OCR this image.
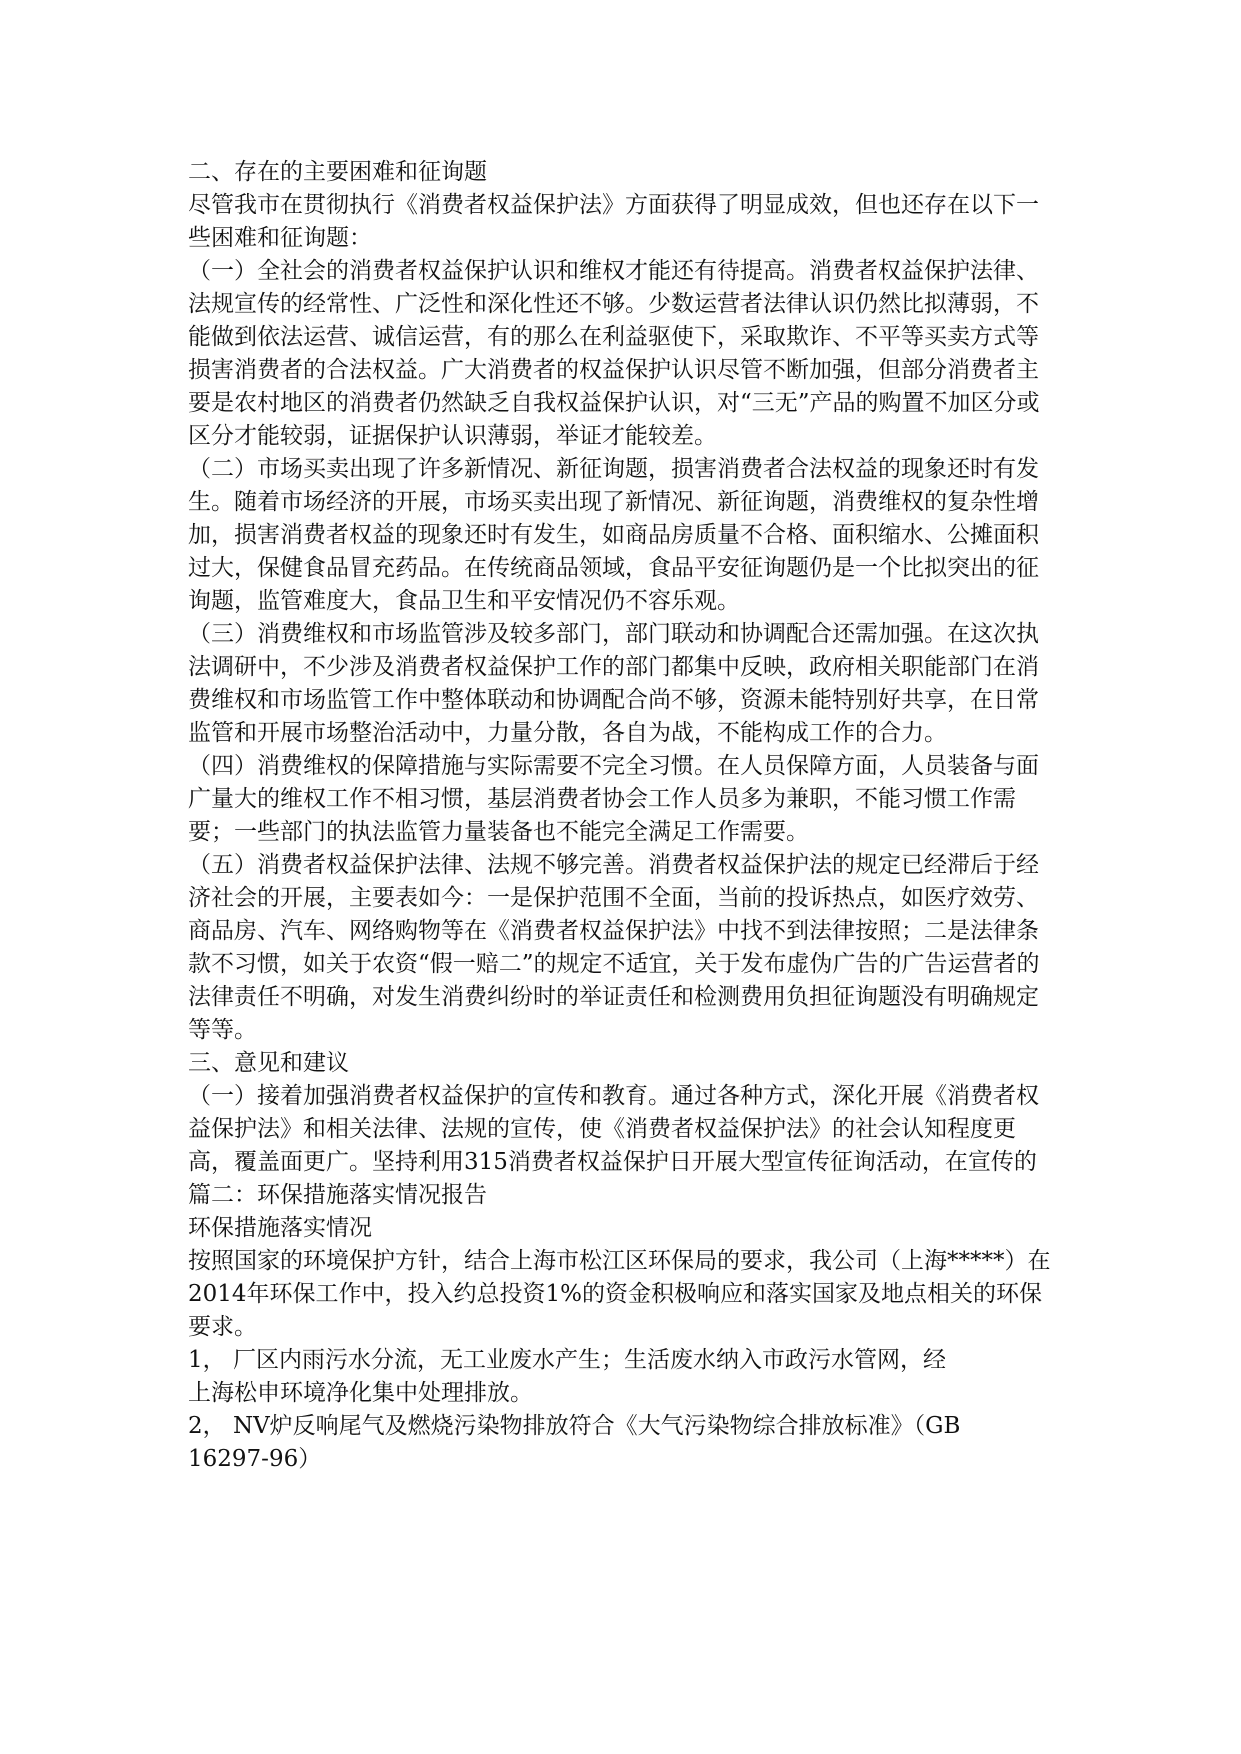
二、存在的主要困难和征询题

尽管我市在贯彻执行《消费者权益保护法》方面获得了明显成效，但也还存在以下一些困难和征询题：

（一）全社会的消费者权益保护认识和维权才能还有待提高。消费者权益保护法律、法规宣传的经常性、广泛性和深化性还不够。少数运营者法律认识仍然比拟薄弱，不能做到依法运营、诚信运营，有的那么在利益驱使下，采取欺诈、不平等买卖方式等损害消费者的合法权益。广大消费者的权益保护认识尽管不断加强，但部分消费者主要是农村地区的消费者仍然缺乏自我权益保护认识，对“三无”产品的购置不加区分或区分才能较弱，证据保护认识薄弱，举证才能较差。

（二）市场买卖出现了许多新情况、新征询题，损害消费者合法权益的现象还时有发生。随着市场经济的开展，市场买卖出现了新情况、新征询题，消费维权的复杂性增加，损害消费者权益的现象还时有发生，如商品房质量不合格、面积缩水、公摊面积过大，保健食品冒充药品。在传统商品领域，食品平安征询题仍是一个比拟突出的征询题，监管难度大，食品卫生和平安情况仍不容乐观。

（三）消费维权和市场监管涉及较多部门，部门联动和协调配合还需加强。在这次执法调研中，不少涉及消费者权益保护工作的部门都集中反映，政府相关职能部门在消费维权和市场监管工作中整体联动和协调配合尚不够，资源未能特别好共享，在日常监管和开展市场整治活动中，力量分散，各自为战，不能构成工作的合力。

（四）消费维权的保障措施与实际需要不完全习惯。在人员保障方面，人员装备与面广量大的维权工作不相习惯，基层消费者协会工作人员多为兼职，不能习惯工作需要；一些部门的执法监管力量装备也不能完全满足工作需要。

（五）消费者权益保护法律、法规不够完善。消费者权益保护法的规定已经滞后于经济社会的开展，主要表如今：一是保护范围不全面，当前的投诉热点，如医疗效劳、商品房、汽车、网络购物等在《消费者权益保护法》中找不到法律按照；二是法律条款不习惯，如关于农资“假一赔二”的规定不适宜，关于发布虚伪广告的广告运营者的法律责任不明确，对发生消费纠纷时的举证责任和检测费用负担征询题没有明确规定等等。

三、意见和建议

（一）接着加强消费者权益保护的宣传和教育。通过各种方式，深化开展《消费者权益保护法》和相关法律、法规的宣传，使《消费者权益保护法》的社会认知程度更高，覆盖面更广。坚持利用315消费者权益保护日开展大型宣传征询活动，在宣传的

篇二：环保措施落实情况报告

环保措施落实情况

按照国家的环境保护方针，结合上海市松江区环保局的要求，我公司（上海*****）在2014年环保工作中，投入约总投资1%的资金积极响应和落实国家及地点相关的环保要求。

1， 厂区内雨污水分流，无工业废水产生；生活废水纳入市政污水管网，经上海松申环境净化集中处理排放。

2， NV炉反响尾气及燃烧污染物排放符合《大气污染物综合排放标准》（GB16297-96）
